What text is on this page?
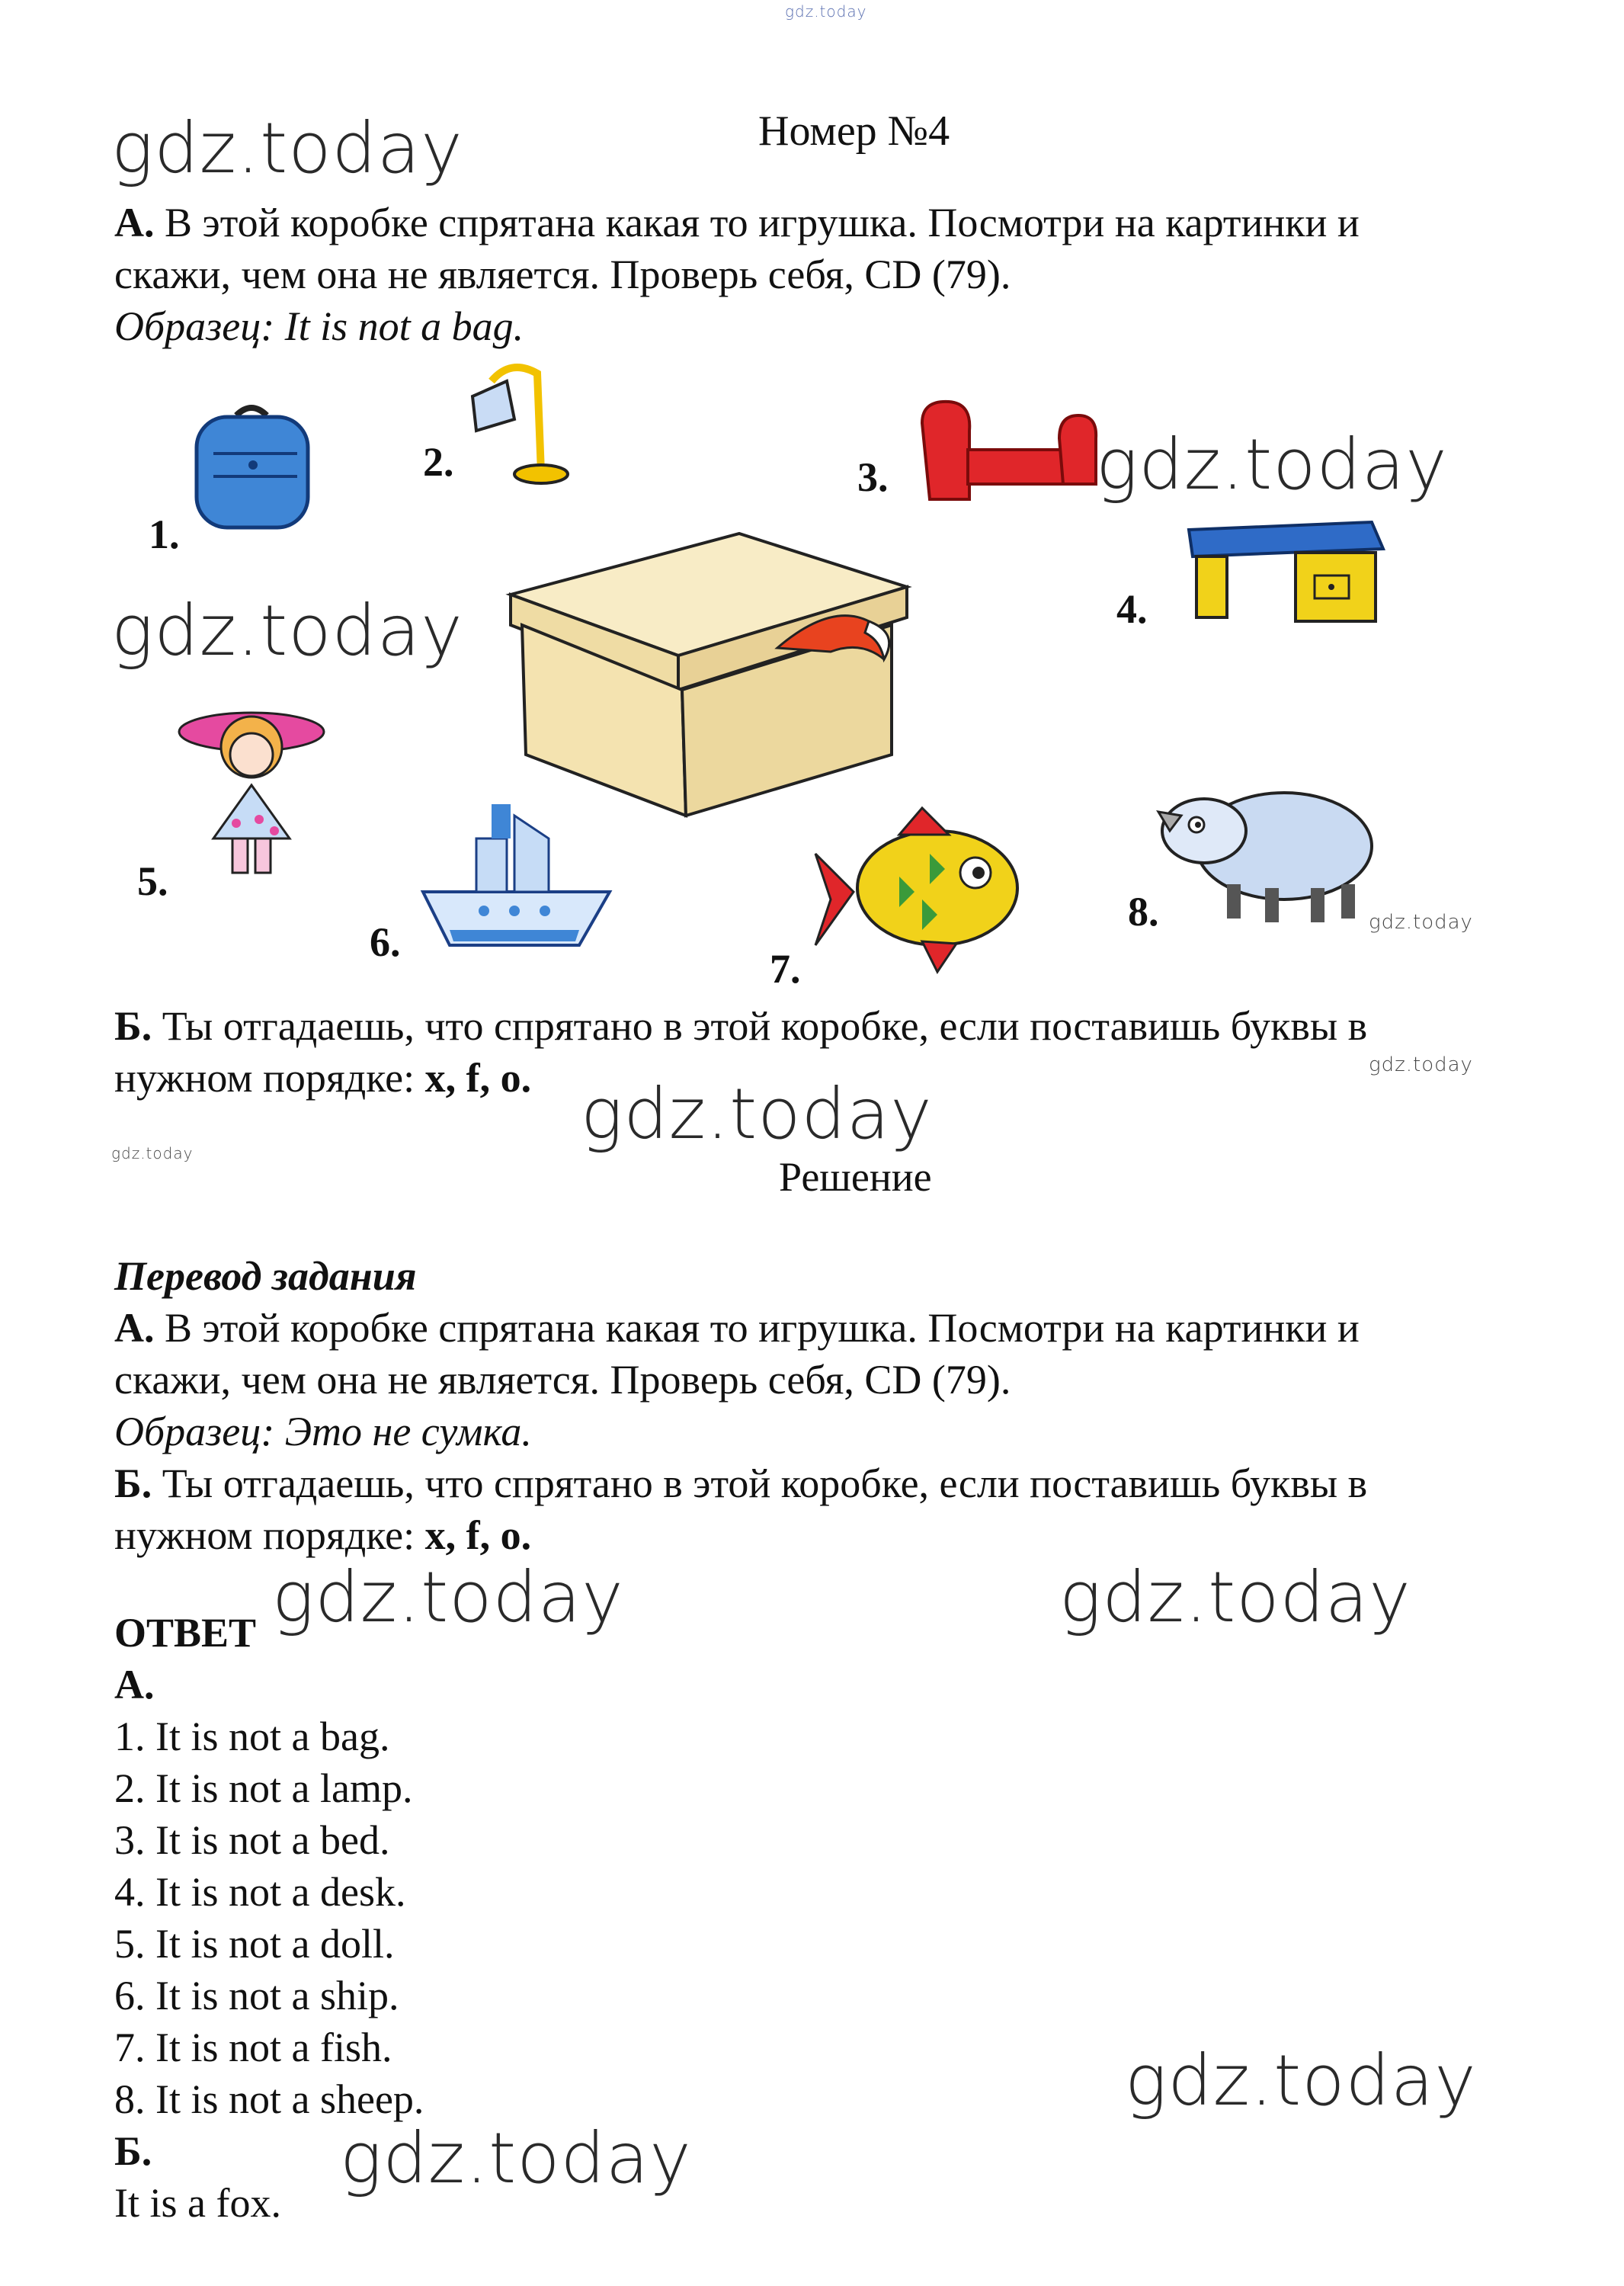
gdz.today
Номер №4
gdz.today
А. В этой коробке спрятана какая то игрушка. Посмотри на картинки и
скажи, чем она не является. Проверь себя, CD (79).
Образец: It is not a bag.
1.
2.	3.
4.
5.
6.
7.
8.
gdz.today
gdz.today
gdz.today
Б. Ты отгадаешь, что спрятано в этой коробке, если поставишь буквы в
нужном порядке: x, f, o.	gdz.today
gdz.today	gdz.today
Решение
Перевод задания
А. В этой коробке спрятана какая то игрушка. Посмотри на картинки и
скажи, чем она не является. Проверь себя, CD (79).
Образец: Это не сумка.
Б. Ты отгадаешь, что спрятано в этой коробке, если поставишь буквы в
нужном порядке: x, f, o.
gdz.today	gdz.today
ОТВЕТ
А.
1. It is not a bag.
2. It is not a lamp.
3. It is not a bed.
4. It is not a desk.
5. It is not a doll.
6. It is not a ship.
7. It is not a fish.
8. It is not a sheep.	gdz.today
Б.
It is a fox.
gdz.today
